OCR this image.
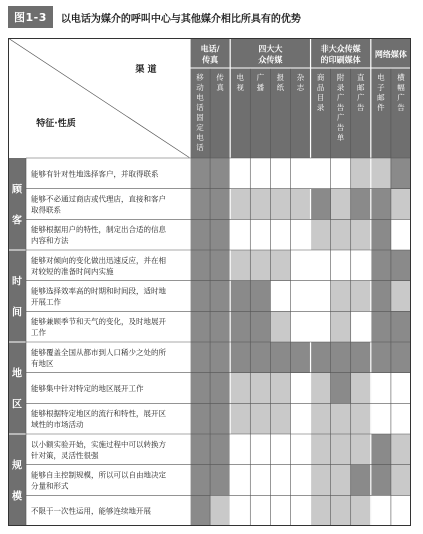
图1-3	以电话为媒介的呼叫中心与其他媒介相比所具有的优势
渠 道
特征·性质
电话/
传真
移
动
电
话
固
定
电
话
传
真
四大大
众传媒
电
视
广
播
报
纸
杂
志
非大众传媒
的印刷媒体
商
品
目
录
附
录
广
告
广
告
单
直
邮
广
告
网络媒体
电
子
邮
件
横
幅
广
告
能够有针对性地选择客户，并取得联系
能够不必通过商店或代理店，直接和客户
取得联系
能够根据用户的特性，制定出合适的信息
内容和方法
能够对倾向的变化做出迅速反应，并在相
对较短的准备时间内实施
能够选择效率高的时期和时间段，适时地
开展工作
能够兼顾季节和天气的变化，及时地展开
工作
能够覆盖全国从都市到人口稀少之处的所
有地区
能够集中针对特定的地区展开工作
能够根据特定地区的流行和特性，展开区
域性的市场活动
以小额实验开始，实施过程中可以转换方
针对策，灵活性很强
能够自主控制规模，所以可以自由地决定
分量和形式
不限于一次性运用，能够连续地开展
顾
客
时
间
地
区
规
模
